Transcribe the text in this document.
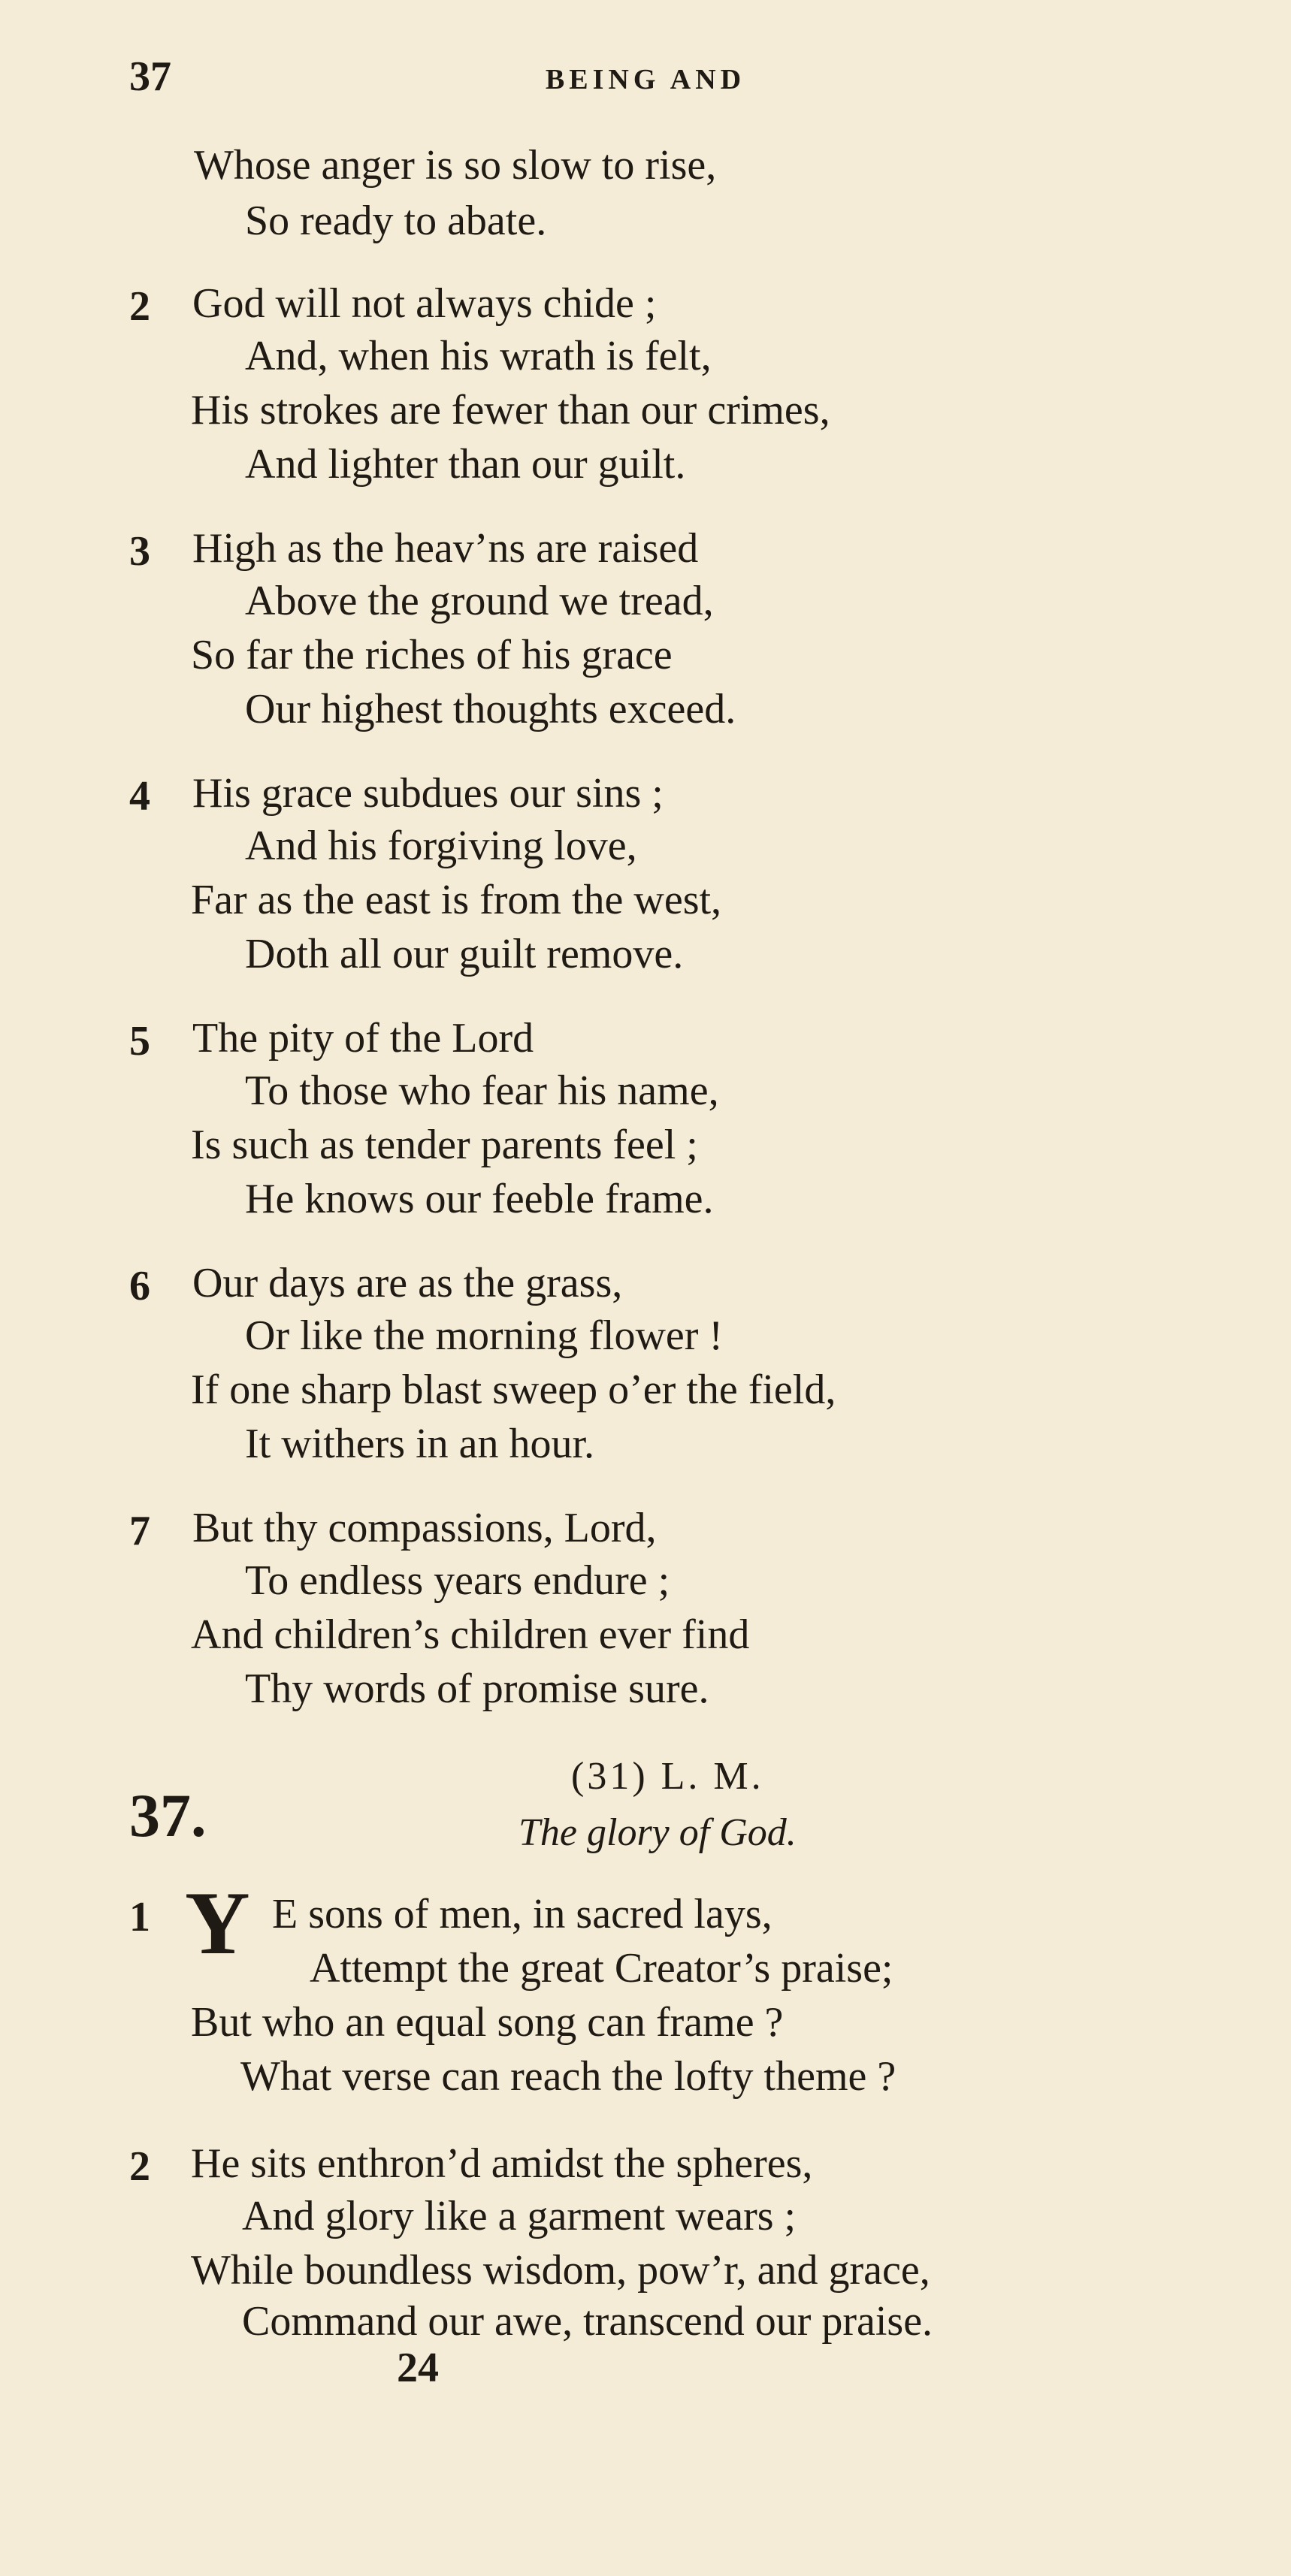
37	BEING AND
Whose anger is so slow to rise,
So ready to abate.
2 God will not always chide ;
And, when his wrath is felt,
His strokes are fewer than our crimes,
And lighter than our guilt.
3 High as the heav’ns are raised
Above the ground we tread,
So far the riches of his grace
Our highest thoughts exceed.
4 His grace subdues our sins ;
And his forgiving love,
Far as the east is from the west,
Doth all our guilt remove.
5 The pity of the Lord
To those who fear his name,
Is such as tender parents feel ;
He knows our feeble frame.
6 Our days are as the grass,
Or like the morning flower !
If one sharp blast sweep o’er the field,
It withers in an hour.
7 But thy compassions, Lord,
To endless years endure ;
And children’s children ever find
Thy words of promise sure.
37.
(31) L. M.
The glory of God.
1 Y E sons of men, in sacred lays,
Attempt the great Creator’s praise;
But who an equal song can frame ?
What verse can reach the lofty theme ?
2 He sits enthron’d amidst the spheres,
And glory like a garment wears ;
While boundless wisdom, pow’r, and grace,
Command our awe, transcend our praise.
24
